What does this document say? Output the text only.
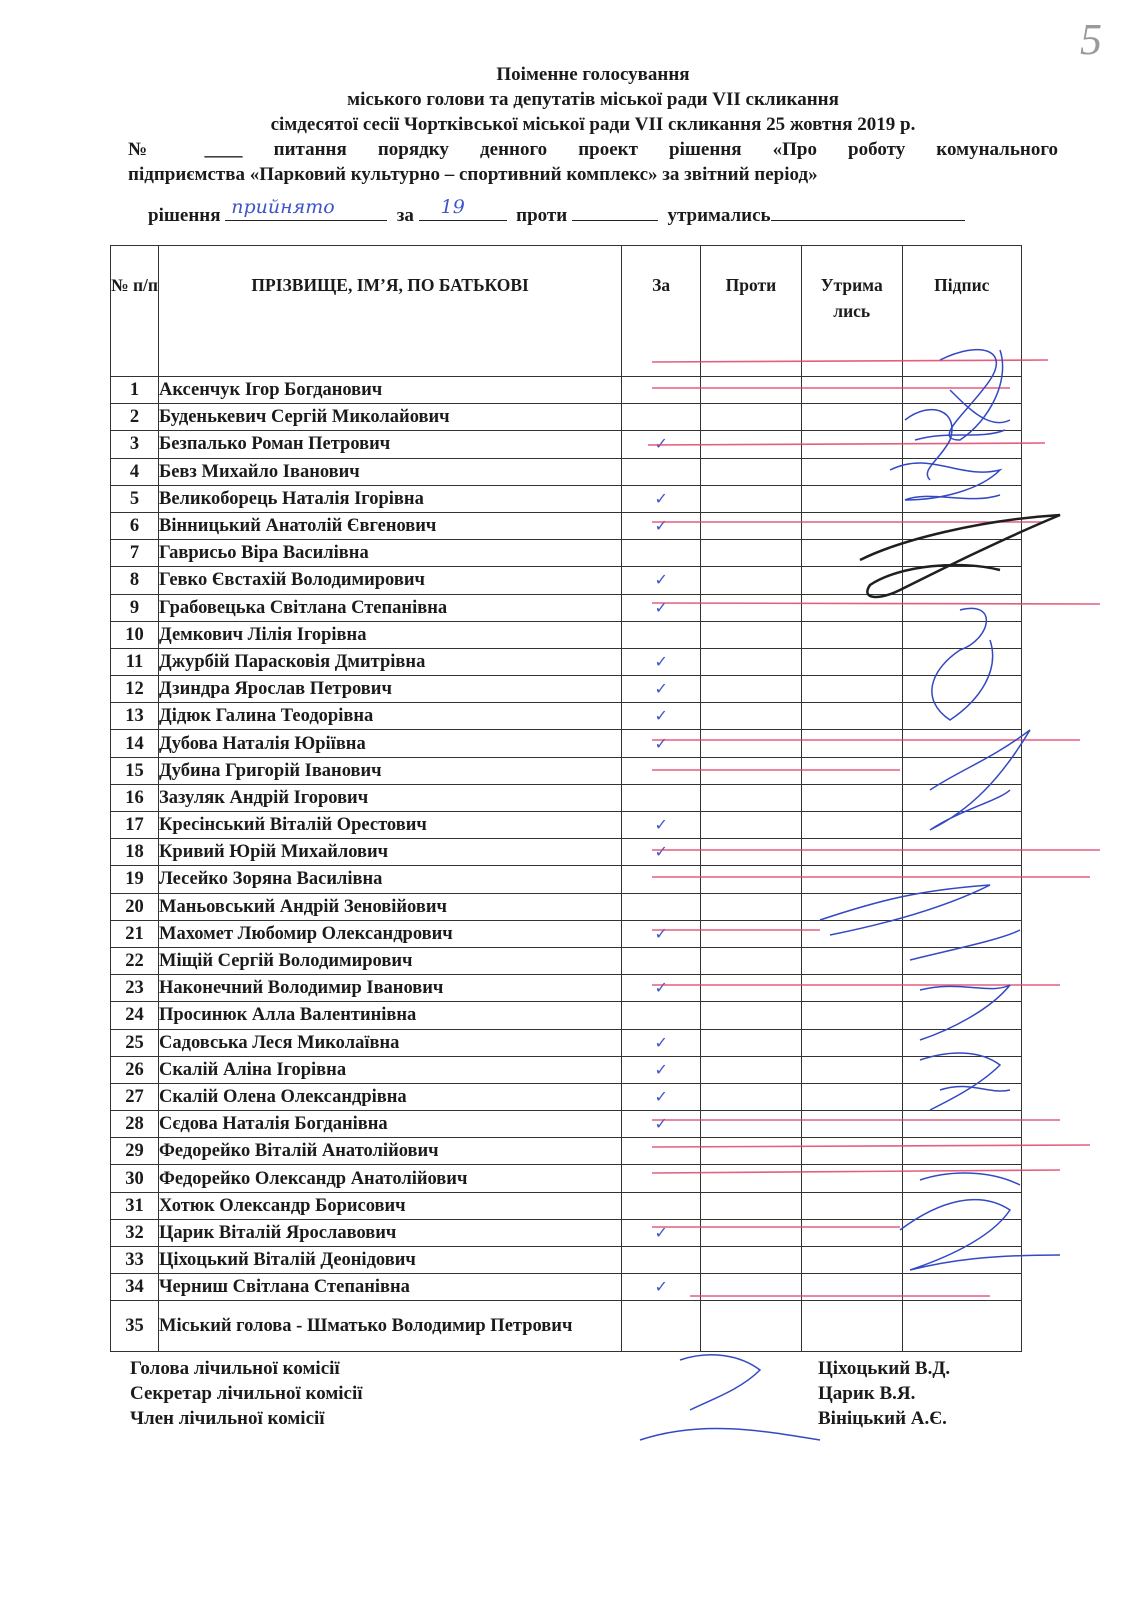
5
Поіменне голосування
міського голови та депутатів міської ради VII скликання
сімдесятої сесії Чортківської міської ради VII скликання 25 жовтня 2019 р.
№ ____ питання порядку денного проект рішення «Про роботу комунального
підприємства «Парковий культурно – спортивний комплекс» за звітний період»
рішення прийнято	за 19	проти	утримались
№ п/п	ПРІЗВИЩЕ, ІМ’Я, ПО БАТЬКОВІ	За	Проти	Утримались	Підпис
1	Аксенчук Ігор Богданович				
2	Буденькевич Сергій Миколайович				
3	Безпалько Роман Петрович	✓			
4	Бевз Михайло Іванович				
5	Великоборець Наталія Ігорівна	✓			
6	Вінницький Анатолій Євгенович	✓			
7	Гаврисьо Віра Василівна				
8	Гевко Євстахій Володимирович	✓			
9	Грабовецька Світлана Степанівна	✓			
10	Демкович Лілія Ігорівна				
11	Джурбій Парасковія Дмитрівна	✓			
12	Дзиндра Ярослав Петрович	✓			
13	Дідюк Галина Теодорівна	✓			
14	Дубова Наталія Юріївна	✓			
15	Дубина Григорій Іванович				
16	Зазуляк Андрій Ігорович				
17	Кресінський Віталій Орестович	✓			
18	Кривий Юрій Михайлович	✓			
19	Лесейко Зоряна Василівна				
20	Маньовський Андрій Зеновійович				
21	Махомет Любомир Олександрович	✓			
22	Міщій Сергій Володимирович				
23	Наконечний Володимир Іванович	✓			
24	Просинюк Алла Валентинівна				
25	Садовська Леся Миколаївна	✓			
26	Скалій Аліна Ігорівна	✓			
27	Скалій Олена Олександрівна	✓			
28	Сєдова Наталія Богданівна	✓			
29	Федорейко Віталій Анатолійович				
30	Федорейко Олександр Анатолійович				
31	Хотюк Олександр Борисович				
32	Царик Віталій Ярославович	✓			
33	Ціхоцький Віталій Деонідович				
34	Черниш Світлана Степанівна	✓			
35	Міський голова - Шматько Володимир Петрович				
Голова лічильної комісії
Секретар лічильної комісії
Член лічильної комісії
Ціхоцький В.Д.
Царик В.Я.
Вініцький А.Є.
